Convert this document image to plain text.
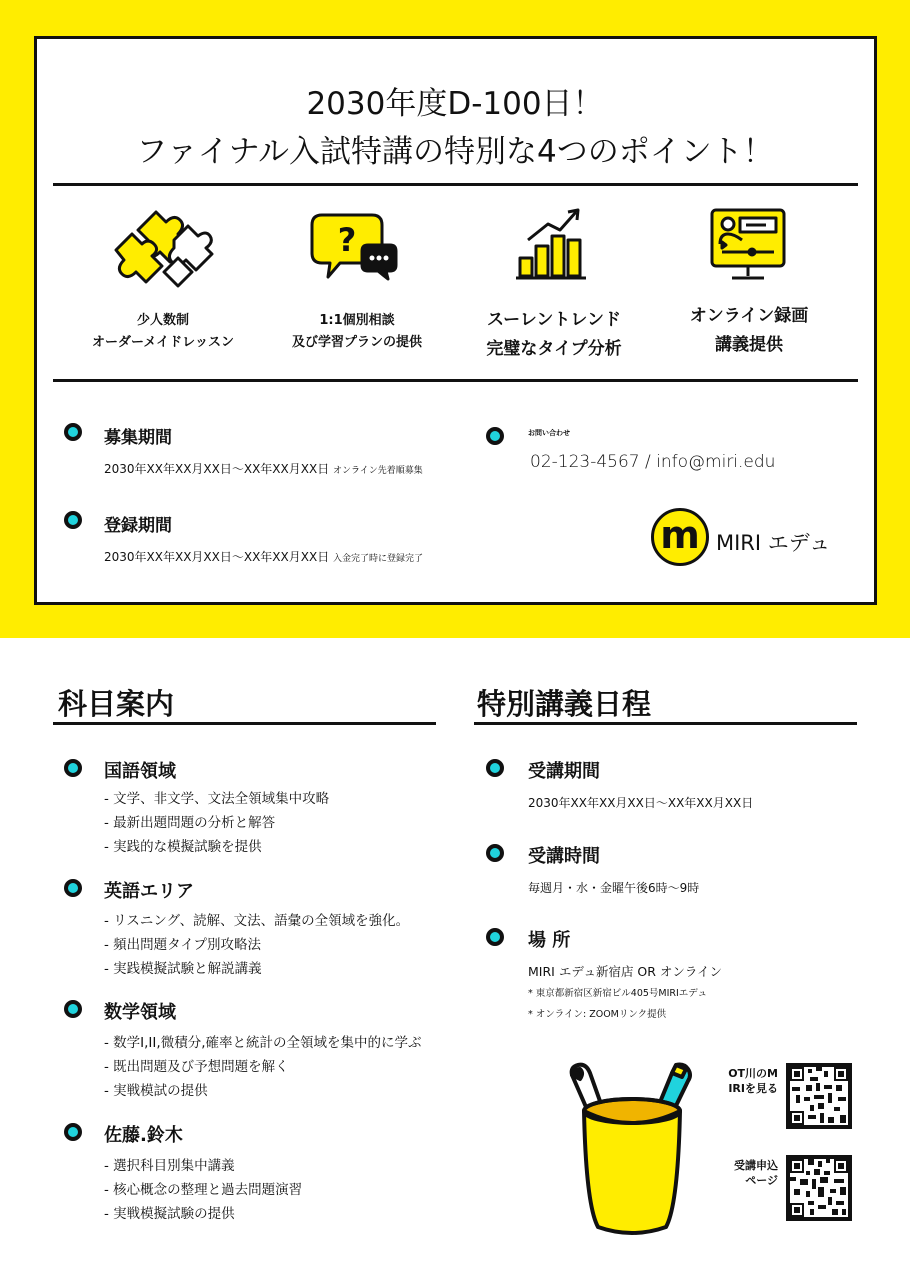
2030年度D-100日！
ファイナル入試特講の特別な4つのポイント！
少人数制
オーダーメイドレッスン
?
1:1個別相談
及び学習プランの提供
スーレントレンド
完璧なタイプ分析
オンライン録画
講義提供
募集期間
2030年XX年XX月XX日〜XX年XX月XX日 オンライン先着順募集
登録期間
2030年XX年XX月XX日〜XX年XX月XX日 入金完了時に登録完了
お問い合わせ
02-123-4567 / info@miri.edu
m MIRI エデュ
科目案内
国語領域
- 文学、非文学、文法全領域集中攻略
- 最新出題問題の分析と解答
- 実践的な模擬試験を提供
英語エリア
- リスニング、読解、文法、語彙の全領域を強化。
- 頻出問題タイプ別攻略法
- 実践模擬試験と解説講義
数学領域
- 数学I,II,微積分,確率と統計の全領域を集中的に学ぶ
- 既出問題及び予想問題を解く
- 実戦模試の提供
佐藤.鈴木
- 選択科目別集中講義
- 核心概念の整理と過去問題演習
- 実戦模擬試験の提供
特別講義日程
受講期間
2030年XX年XX月XX日〜XX年XX月XX日
受講時間
毎週月・水・金曜午後6時〜9時
場 所
MIRI エデュ新宿店 OR オンライン
* 東京都新宿区新宿ビル405号MIRIエデュ
* オンライン: ZOOMリンク提供
OT川のM
IRIを見る
受講申込
ページ
